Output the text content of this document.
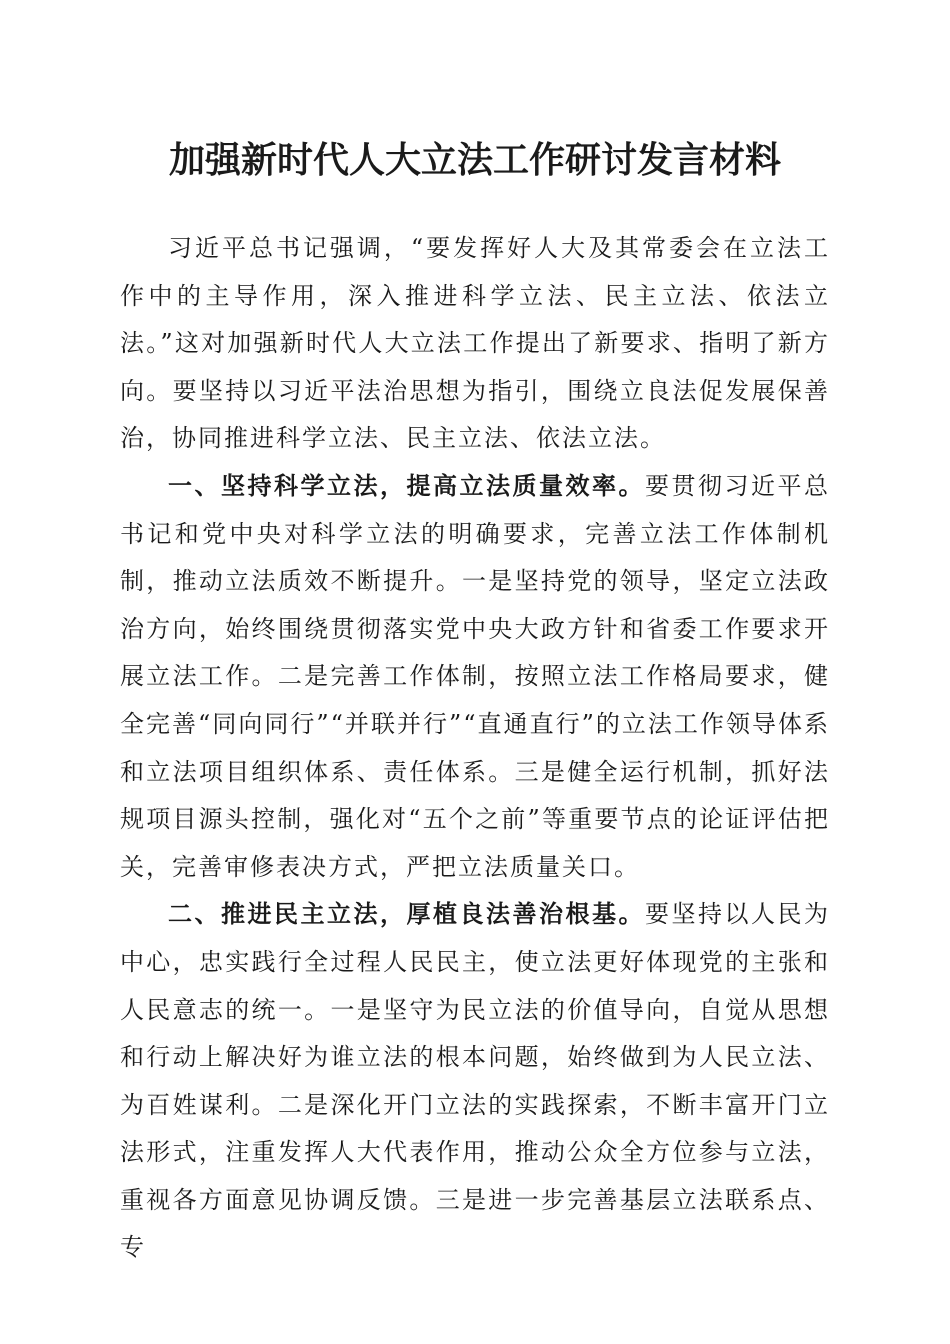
加强新时代人大立法工作研讨发言材料

习近平总书记强调，“要发挥好人大及其常委会在立法工作中的主导作用，深入推进科学立法、民主立法、依法立法。”这对加强新时代人大立法工作提出了新要求、指明了新方向。要坚持以习近平法治思想为指引，围绕立良法促发展保善治，协同推进科学立法、民主立法、依法立法。

一、坚持科学立法，提高立法质量效率。要贯彻习近平总书记和党中央对科学立法的明确要求，完善立法工作体制机制，推动立法质效不断提升。一是坚持党的领导，坚定立法政治方向，始终围绕贯彻落实党中央大政方针和省委工作要求开展立法工作。二是完善工作体制，按照立法工作格局要求，健全完善“同向同行”“并联并行”“直通直行”的立法工作领导体系和立法项目组织体系、责任体系。三是健全运行机制，抓好法规项目源头控制，强化对“五个之前”等重要节点的论证评估把关，完善审修表决方式，严把立法质量关口。

二、推进民主立法，厚植良法善治根基。要坚持以人民为中心，忠实践行全过程人民民主，使立法更好体现党的主张和人民意志的统一。一是坚守为民立法的价值导向，自觉从思想和行动上解决好为谁立法的根本问题，始终做到为人民立法、为百姓谋利。二是深化开门立法的实践探索，不断丰富开门立法形式，注重发挥人大代表作用，推动公众全方位参与立法，重视各方面意见协调反馈。三是进一步完善基层立法联系点、专
